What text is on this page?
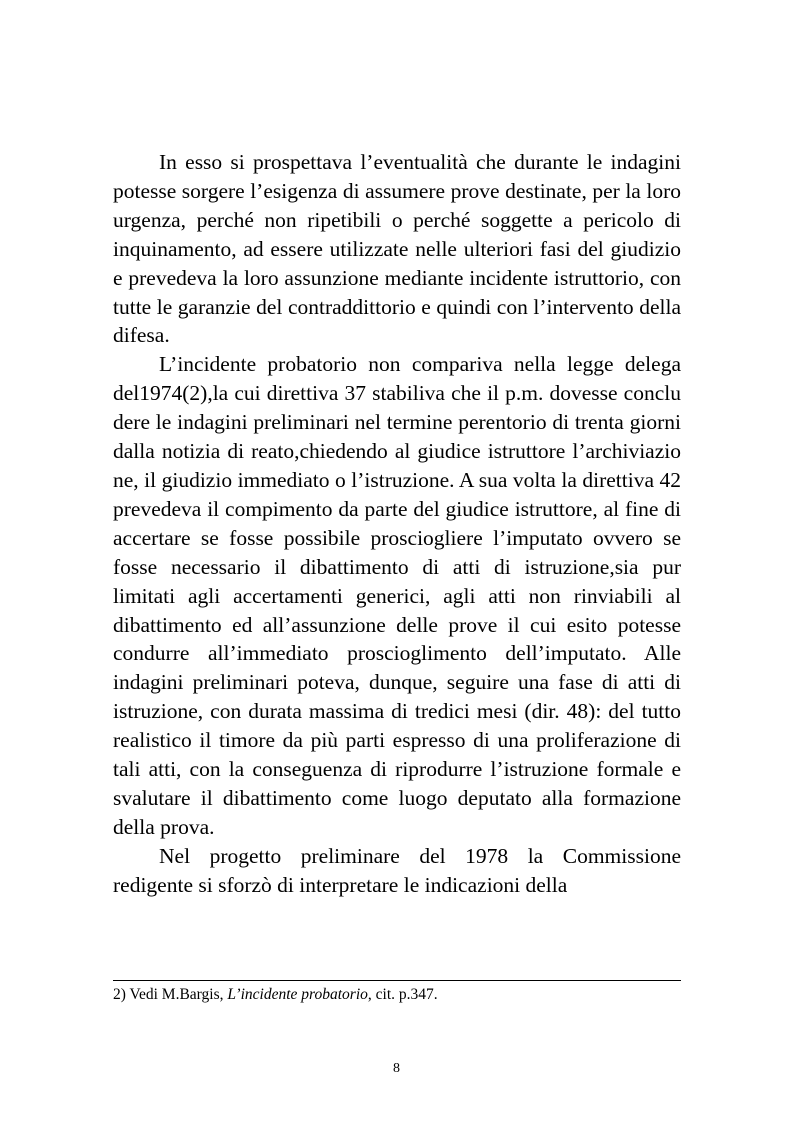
In esso si prospettava l’eventualità che durante le indagini potesse sorgere l’esigenza di assumere prove destinate, per la loro urgenza, perché non ripetibili o perché soggette a pericolo di inquinamento, ad essere utilizzate nelle ulteriori fasi del giudizio e prevedeva la loro assunzione mediante incidente istruttorio, con tutte le garanzie del contraddittorio e quindi con l’intervento della difesa.

L’incidente probatorio non compariva nella legge delega del1974(2),la cui direttiva 37 stabiliva che il p.m. dovesse conclu dere le indagini preliminari nel termine perentorio di trenta giorni dalla notizia di reato,chiedendo al giudice istruttore l’archiviazio ne, il giudizio immediato o l’istruzione. A sua volta la direttiva 42 prevedeva il compimento da parte del giudice istruttore, al fine di accertare se fosse possibile prosciogliere l’imputato ovvero se fosse necessario il dibattimento di atti di istruzione,sia pur limitati agli accertamenti generici, agli atti non rinviabili al dibattimento ed all’assunzione delle prove il cui esito potesse condurre all’immediato proscioglimento dell’imputato. Alle indagini preliminari poteva, dunque, seguire una fase di atti di istruzione, con durata massima di tredici mesi (dir. 48): del tutto realistico il timore da più parti espresso di una proliferazione di tali atti, con la conseguenza di riprodurre l’istruzione formale e svalutare il dibattimento come luogo deputato alla formazione della prova.

Nel progetto preliminare del 1978 la Commissione redigente si sforzò di interpretare le indicazioni della

2) Vedi M.Bargis, L’incidente probatorio, cit. p.347.
8
